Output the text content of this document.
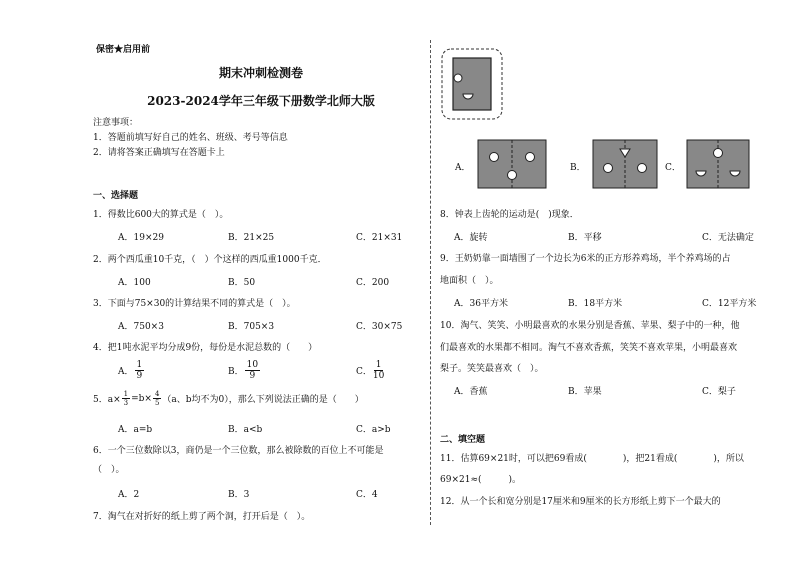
保密★启用前
期末冲刺检测卷
2023-2024学年三年级下册数学北师大版
注意事项：
1．答题前填写好自己的姓名、班级、考号等信息
2．请将答案正确填写在答题卡上
一、选择题
1．得数比600大的算式是（　）。
A．19×29	B．21×25	C．21×31
2．两个西瓜重10千克，（　）个这样的西瓜重1000千克．
A．100	B．50	C．200
3．下面与75×30的计算结果不同的算式是（　）。
A．750×3	B．705×3	C．30×75
4．把1吨水泥平均分成9份，每份是水泥总数的（　　）
A． $\frac{1}{9}$	B． $\frac{10}{9}$	C． $\frac{1}{10}$
5．$a\times \frac{1}{3} =b\times \frac{4}{5} (a$、b均不为0），那么下列说法正确的是（　　）
A．a=b	B．a<b	C．a>b
6．一个三位数除以3，商仍是一个三位数，那么被除数的百位上不可能是
（　）。
A．2	B．3	C．4
7．淘气在对折好的纸上剪了两个洞，打开后是（　）。
A．	B．	C．
8．钟表上齿轮的运动是(　)现象．
A．旋转	B．平移	C．无法确定
9．王奶奶靠一面墙围了一个边长为6米的正方形养鸡场，半个养鸡场的占
地面积（　）。
A．36平方米	B．18平方米	C．12平方米
10．淘气、笑笑、小明最喜欢的水果分别是香蕉、苹果、梨子中的一种，他
们最喜欢的水果都不相同。淘气不喜欢香蕉，笑笑不喜欢苹果，小明最喜欢
梨子。笑笑最喜欢（　）。
A．香蕉	B．苹果	C．梨子
二、填空题
11．估算69×21时，可以把69看成(　　　　)，把21看成(　　　　)，所以
69×21≈(　　　)。
12．从一个长和宽分别是17厘米和9厘米的长方形纸上剪下一个最大的
